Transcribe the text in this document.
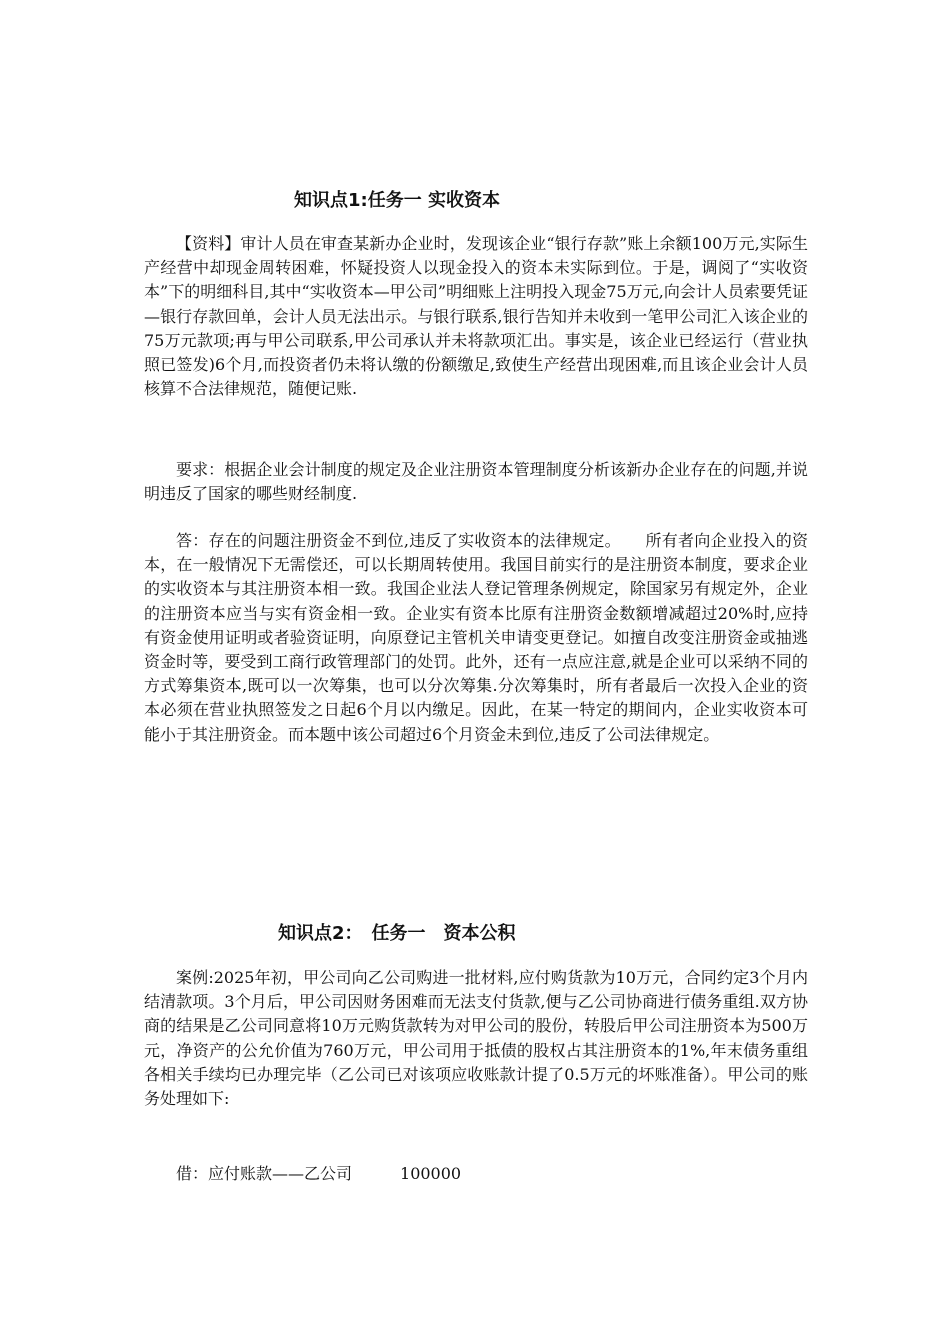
知识点1:任务一 实收资本

【资料】审计人员在审查某新办企业时，发现该企业“银行存款”账上余额100万元,实际生产经营中却现金周转困难，怀疑投资人以现金投入的资本未实际到位。于是，调阅了“实收资本”下的明细科目,其中“实收资本—甲公司”明细账上注明投入现金75万元,向会计人员索要凭证—银行存款回单，会计人员无法出示。与银行联系,银行告知并未收到一笔甲公司汇入该企业的75万元款项;再与甲公司联系,甲公司承认并未将款项汇出。事实是，该企业已经运行（营业执照已签发)6个月,而投资者仍未将认缴的份额缴足,致使生产经营出现困难,而且该企业会计人员核算不合法律规范，随便记账.

要求：根据企业会计制度的规定及企业注册资本管理制度分析该新办企业存在的问题,并说明违反了国家的哪些财经制度.

答：存在的问题注册资金不到位,违反了实收资本的法律规定。　　所有者向企业投入的资本，在一般情况下无需偿还，可以长期周转使用。我国目前实行的是注册资本制度，要求企业的实收资本与其注册资本相一致。我国企业法人登记管理条例规定，除国家另有规定外，企业的注册资本应当与实有资金相一致。企业实有资本比原有注册资金数额增减超过20%时,应持有资金使用证明或者验资证明，向原登记主管机关申请变更登记。如擅自改变注册资金或抽逃资金时等，要受到工商行政管理部门的处罚。此外，还有一点应注意,就是企业可以采纳不同的方式筹集资本,既可以一次筹集，也可以分次筹集.分次筹集时，所有者最后一次投入企业的资本必须在营业执照签发之日起6个月以内缴足。因此，在某一特定的期间内，企业实收资本可能小于其注册资金。而本题中该公司超过6个月资金未到位,违反了公司法律规定。

知识点2：　任务一　资本公积

案例:2025年初，甲公司向乙公司购进一批材料,应付购货款为10万元，合同约定3个月内结清款项。3个月后，甲公司因财务困难而无法支付货款,便与乙公司协商进行债务重组.双方协商的结果是乙公司同意将10万元购货款转为对甲公司的股份，转股后甲公司注册资本为500万元，净资产的公允价值为760万元，甲公司用于抵债的股权占其注册资本的1%,年末债务重组各相关手续均已办理完毕（乙公司已对该项应收账款计提了0.5万元的坏账准备）。甲公司的账务处理如下:

借：应付账款——乙公司	100000
